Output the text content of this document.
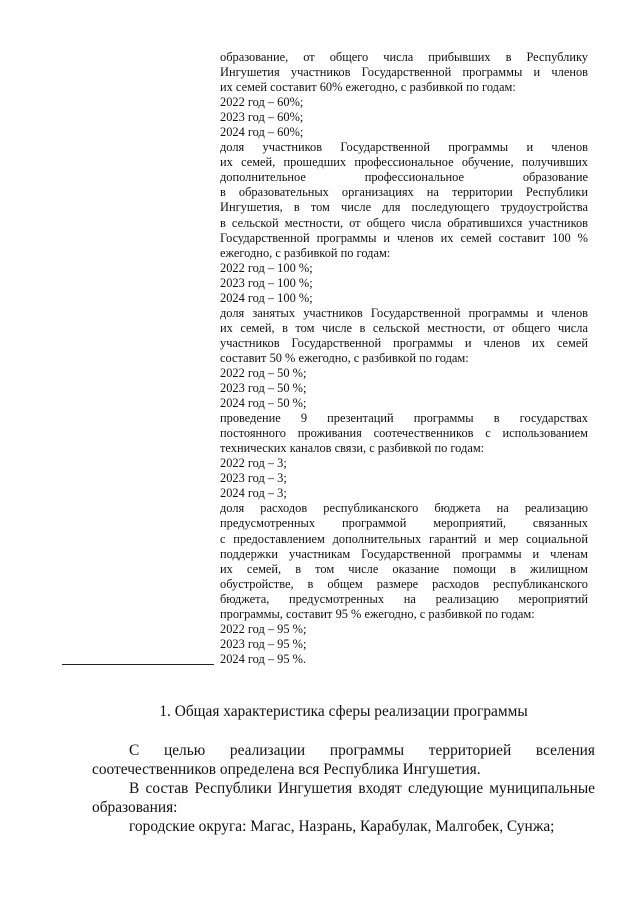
образование, от общего числа прибывших в Республику
Ингушетия участников Государственной программы и членов
их семей составит 60% ежегодно, с разбивкой по годам:
2022 год – 60%;
2023 год – 60%;
2024 год – 60%;
доля участников Государственной программы и членов
их семей, прошедших профессиональное обучение, получивших
дополнительное профессиональное образование
в образовательных организациях на территории Республики
Ингушетия, в том числе для последующего трудоустройства
в сельской местности, от общего числа обратившихся участников
Государственной программы и членов их семей составит 100 %
ежегодно, с разбивкой по годам:
2022 год – 100 %;
2023 год – 100 %;
2024 год – 100 %;
доля занятых участников Государственной программы и членов
их семей, в том числе в сельской местности, от общего числа
участников Государственной программы и членов их семей
составит 50 % ежегодно, с разбивкой по годам:
2022 год – 50 %;
2023 год – 50 %;
2024 год – 50 %;
проведение 9 презентаций программы в государствах
постоянного проживания соотечественников с использованием
технических каналов связи, с разбивкой по годам:
2022 год – 3;
2023 год – 3;
2024 год – 3;
доля расходов республиканского бюджета на реализацию
предусмотренных программой мероприятий, связанных
с предоставлением дополнительных гарантий и мер социальной
поддержки участникам Государственной программы и членам
их семей, в том числе оказание помощи в жилищном
обустройстве, в общем размере расходов республиканского
бюджета, предусмотренных на реализацию мероприятий
программы, составит 95 % ежегодно, с разбивкой по годам:
2022 год – 95 %;
2023 год – 95 %;
2024 год – 95 %.
1. Общая характеристика сферы реализации программы
С целью реализации программы территорией вселения
соотечественников определена вся Республика Ингушетия.
В состав Республики Ингушетия входят следующие муниципальные
образования:
городские округа: Магас, Назрань, Карабулак, Малгобек, Сунжа;
